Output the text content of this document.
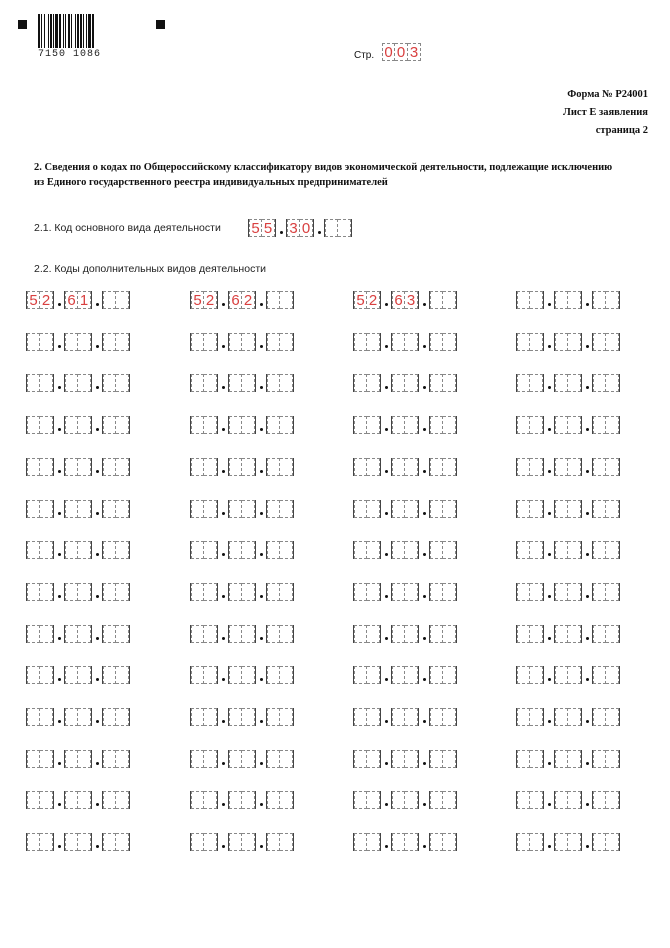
7150 1086	Стр. 0 0 3
Форма № Р24001
Лист Е заявления
страница 2
2. Сведения о кодах по Общероссийскому классификатору видов экономической деятельности, подлежащие исключению из Единого государственного реестра индивидуальных предпринимателей
2.1. Код основного вида деятельности 5 5 3 0
2.2. Коды дополнительных видов деятельности
5 2 6 1	5 2 6 2	5 2 6 3
